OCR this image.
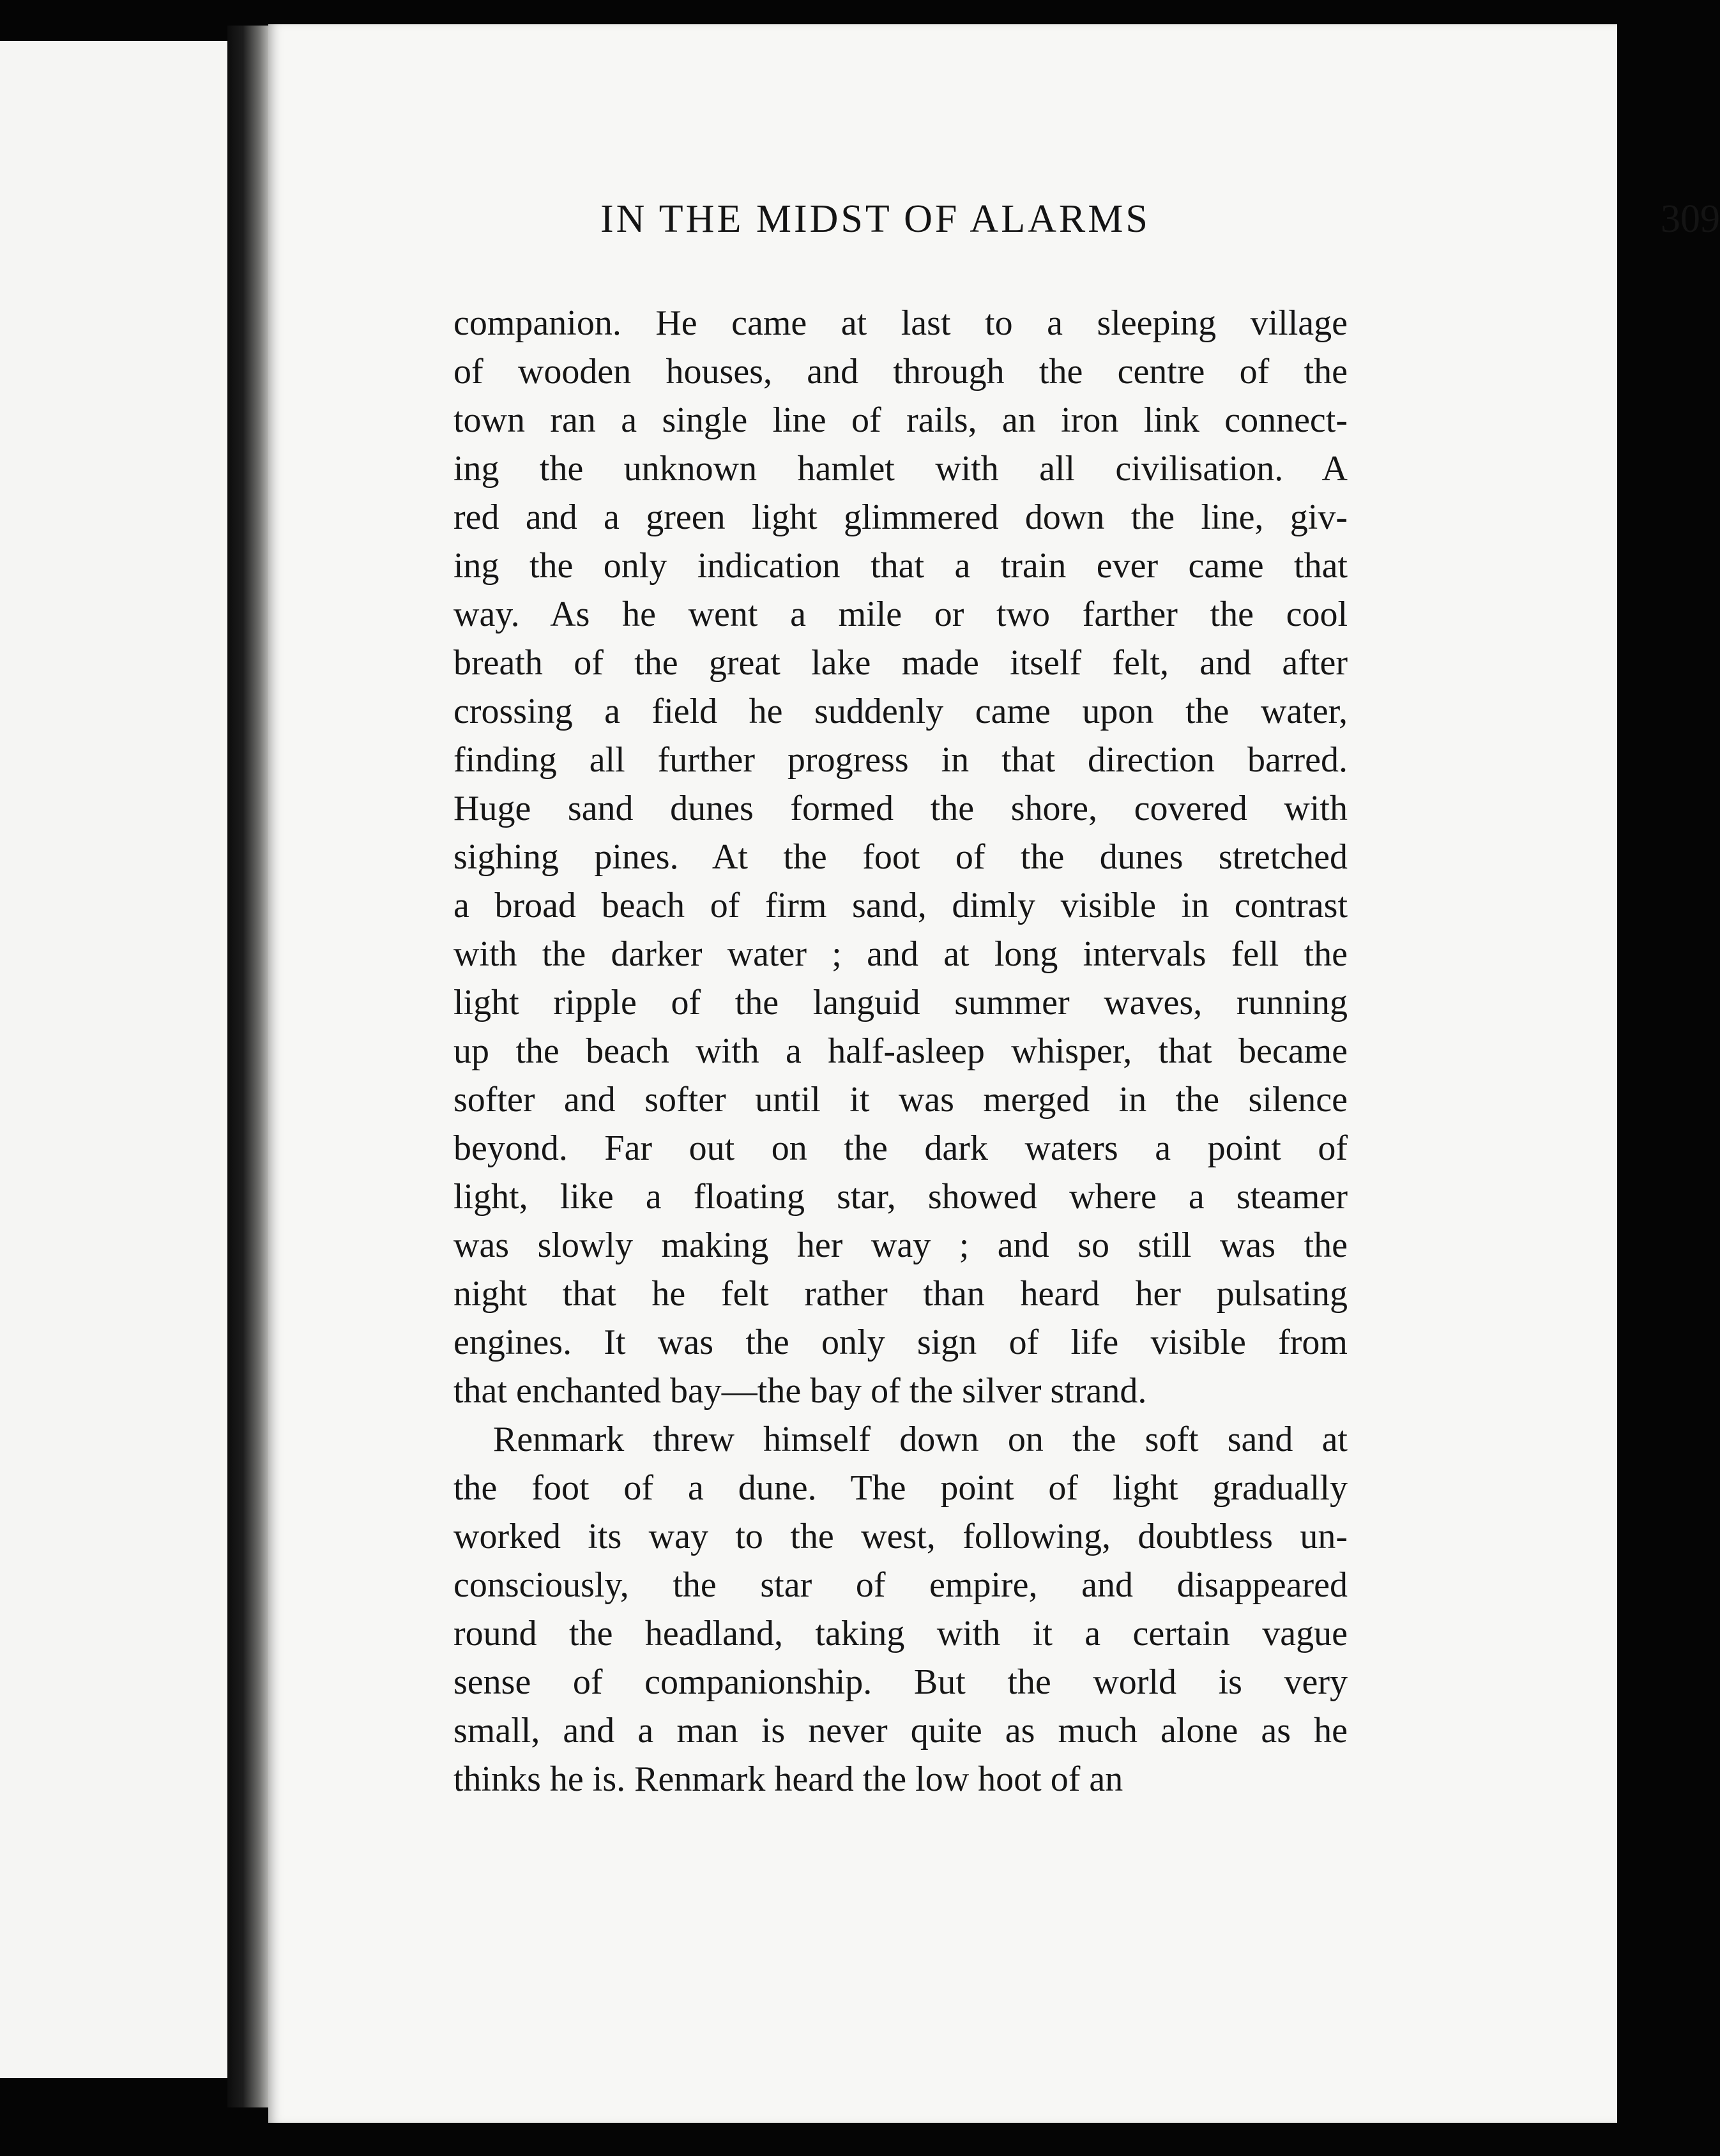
IN THE MIDST OF ALARMS	309
companion. He came at last to a sleeping village
of wooden houses, and through the centre of the
town ran a single line of rails, an iron link connect-
ing the unknown hamlet with all civilisation. A
red and a green light glimmered down the line, giv-
ing the only indication that a train ever came that
way. As he went a mile or two farther the cool
breath of the great lake made itself felt, and after
crossing a field he suddenly came upon the water,
finding all further progress in that direction barred.
Huge sand dunes formed the shore, covered with
sighing pines. At the foot of the dunes stretched
a broad beach of firm sand, dimly visible in contrast
with the darker water ; and at long intervals fell the
light ripple of the languid summer waves, running
up the beach with a half-asleep whisper, that became
softer and softer until it was merged in the silence
beyond. Far out on the dark waters a point of
light, like a floating star, showed where a steamer
was slowly making her way ; and so still was the
night that he felt rather than heard her pulsating
engines. It was the only sign of life visible from
that enchanted bay—the bay of the silver strand.
Renmark threw himself down on the soft sand at
the foot of a dune. The point of light gradually
worked its way to the west, following, doubtless un-
consciously, the star of empire, and disappeared
round the headland, taking with it a certain vague
sense of companionship. But the world is very
small, and a man is never quite as much alone as he
thinks he is. Renmark heard the low hoot of an
